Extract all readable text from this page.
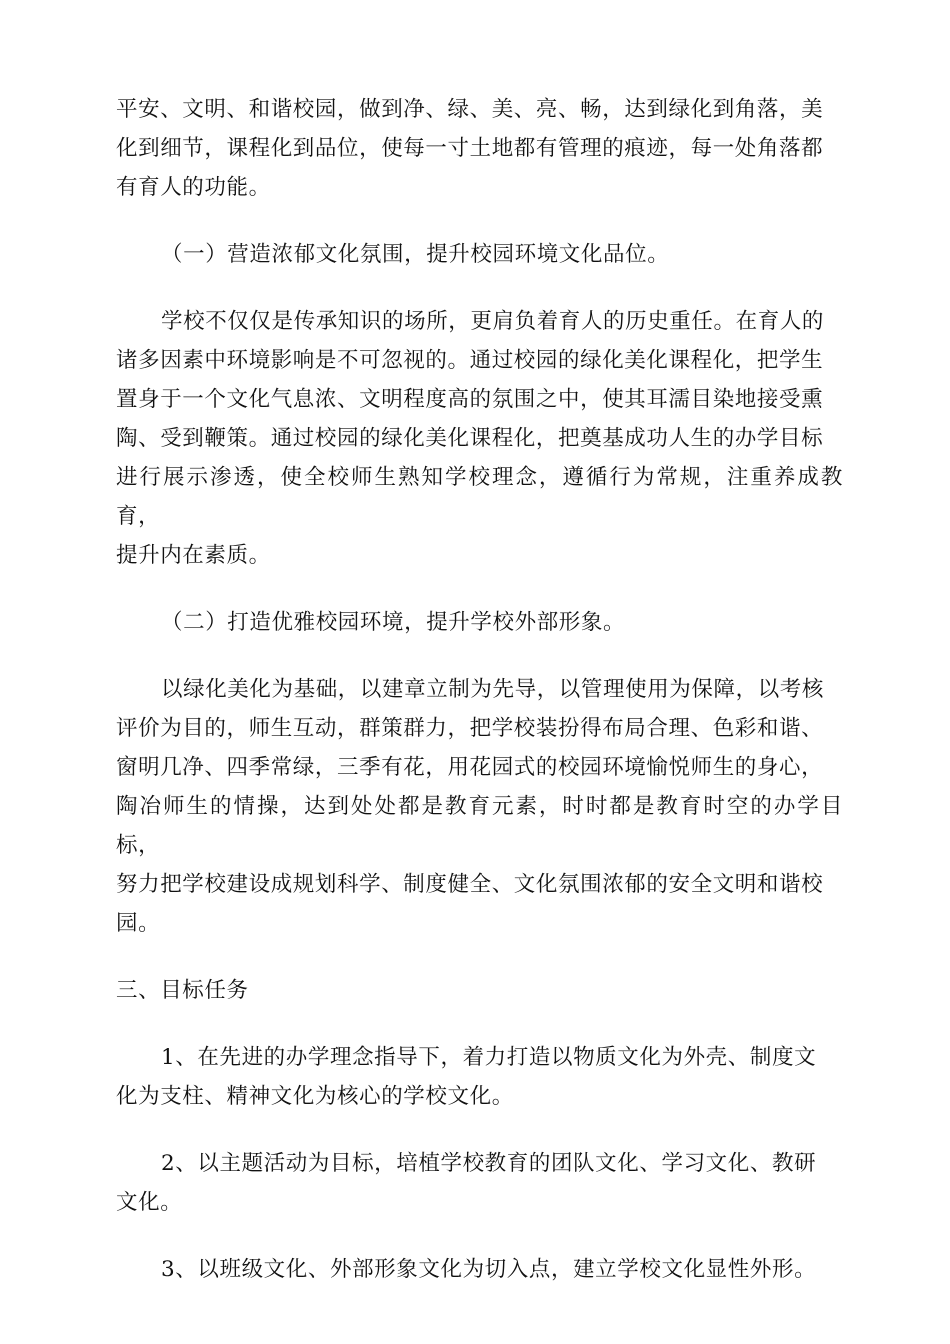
平安、文明、和谐校园，做到净、绿、美、亮、畅，达到绿化到角落，美
化到细节，课程化到品位，使每一寸土地都有管理的痕迹，每一处角落都
有育人的功能。

（一）营造浓郁文化氛围，提升校园环境文化品位。

学校不仅仅是传承知识的场所，更肩负着育人的历史重任。在育人的
诸多因素中环境影响是不可忽视的。通过校园的绿化美化课程化，把学生
置身于一个文化气息浓、文明程度高的氛围之中，使其耳濡目染地接受熏
陶、受到鞭策。通过校园的绿化美化课程化，把奠基成功人生的办学目标
进行展示渗透，使全校师生熟知学校理念，遵循行为常规，注重养成教育，
提升内在素质。

（二）打造优雅校园环境，提升学校外部形象。

以绿化美化为基础，以建章立制为先导，以管理使用为保障，以考核
评价为目的，师生互动，群策群力，把学校装扮得布局合理、色彩和谐、
窗明几净、四季常绿，三季有花，用花园式的校园环境愉悦师生的身心，
陶冶师生的情操，达到处处都是教育元素，时时都是教育时空的办学目标，
努力把学校建设成规划科学、制度健全、文化氛围浓郁的安全文明和谐校
园。

三、目标任务

1、在先进的办学理念指导下，着力打造以物质文化为外壳、制度文
化为支柱、精神文化为核心的学校文化。

2、以主题活动为目标，培植学校教育的团队文化、学习文化、教研
文化。

3、以班级文化、外部形象文化为切入点，建立学校文化显性外形。
